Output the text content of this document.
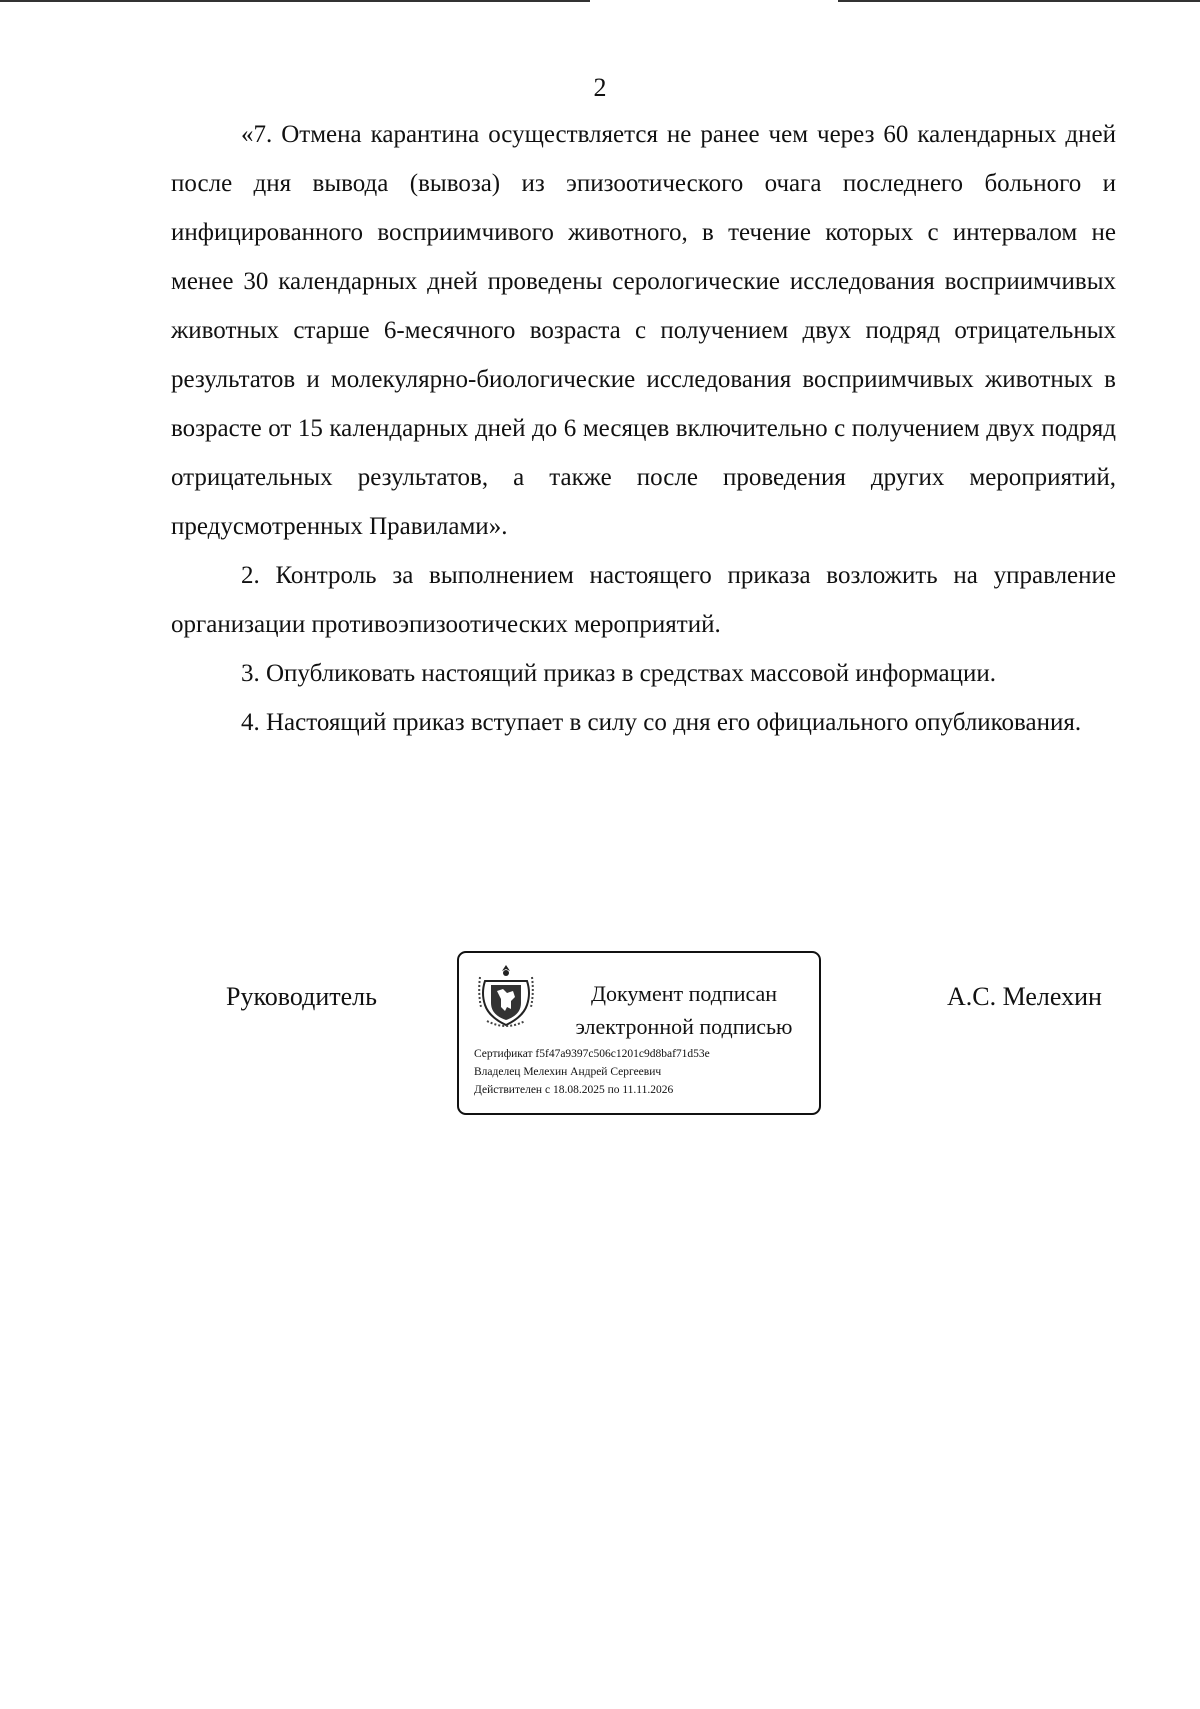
2

«7. Отмена карантина осуществляется не ранее чем через 60 календарных дней после дня вывода (вывоза) из эпизоотического очага последнего больного и инфицированного восприимчивого животного, в течение которых с интервалом не менее 30 календарных дней проведены серологические исследования восприимчивых животных старше 6-месячного возраста с получением двух подряд отрицательных результатов и молекулярно-биологические исследования восприимчивых животных в возрасте от 15 календарных дней до 6 месяцев включительно с получением двух подряд отрицательных результатов, а также после проведения других мероприятий, предусмотренных Правилами».

2. Контроль за выполнением настоящего приказа возложить на управление организации противоэпизоотических мероприятий.

3. Опубликовать настоящий приказ в средствах массовой информации.

4. Настоящий приказ вступает в силу со дня его официального опубликования.

Руководитель	Документ подписан
электронной подписью
Сертификат f5f47a9397c506c1201c9d8baf71d53e
Владелец Мелехин Андрей Сергеевич
Действителен с 18.08.2025 по 11.11.2026
А.С. Мелехин
